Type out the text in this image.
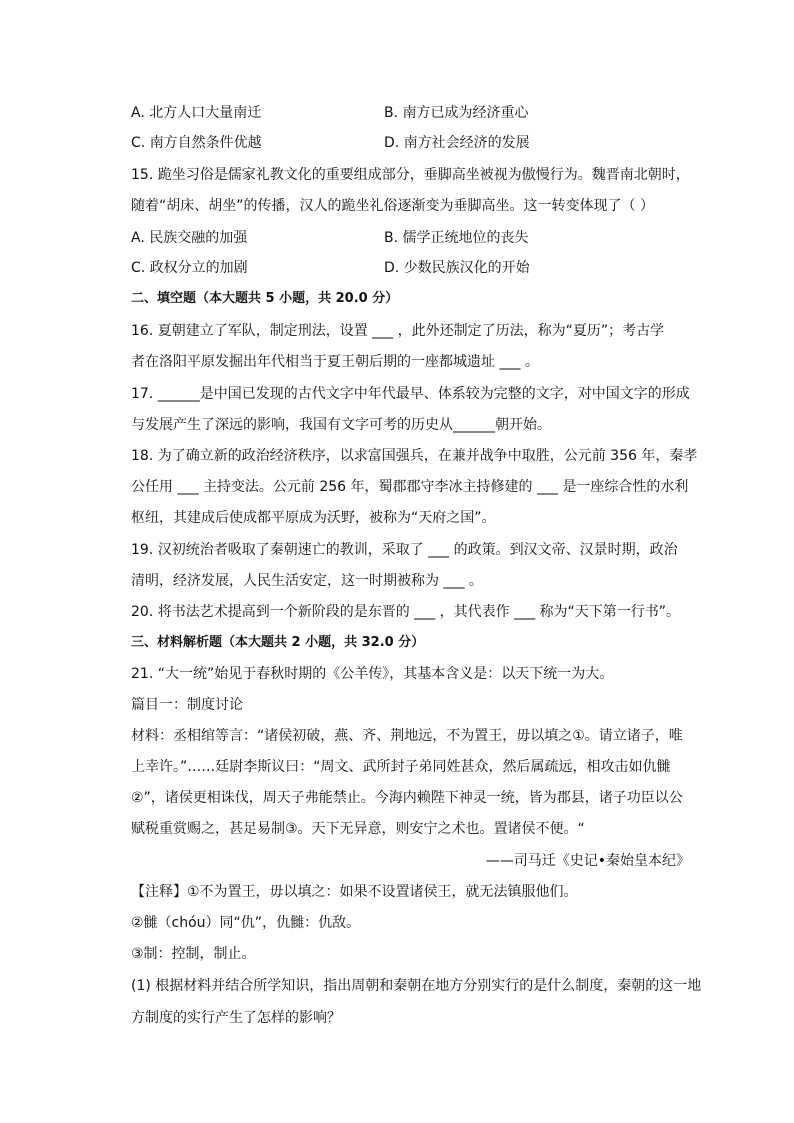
A. 北方人口大量南迁	B. 南方已成为经济重心
C. 南方自然条件优越	D. 南方社会经济的发展
15. 跪坐习俗是儒家礼教文化的重要组成部分，垂脚高坐被视为傲慢行为。魏晋南北朝时，
随着“胡床、胡坐”的传播，汉人的跪坐礼俗逐渐变为垂脚高坐。这一转变体现了（ ）
A. 民族交融的加强	B. 儒学正统地位的丧失
C. 政权分立的加剧	D. 少数民族汉化的开始
二、填空题（本大题共 5 小题，共 20.0 分）
16. 夏朝建立了军队，制定刑法，设置 ___ ，此外还制定了历法，称为“夏历”；考古学
者在洛阳平原发掘出年代相当于夏王朝后期的一座都城遗址 ___ 。
17. ______是中国已发现的古代文字中年代最早、体系较为完整的文字，对中国文字的形成
与发展产生了深远的影响，我国有文字可考的历史从______朝开始。
18. 为了确立新的政治经济秩序，以求富国强兵，在兼并战争中取胜，公元前 356 年，秦孝
公任用 ___ 主持变法。公元前 256 年，蜀郡郡守李冰主持修建的 ___ 是一座综合性的水利
枢纽，其建成后使成都平原成为沃野，被称为“天府之国”。
19. 汉初统治者吸取了秦朝速亡的教训，采取了 ___ 的政策。到汉文帝、汉景时期，政治
清明，经济发展，人民生活安定，这一时期被称为 ___ 。
20. 将书法艺术提高到一个新阶段的是东晋的 ___ ，其代表作 ___ 称为“天下第一行书”。
三、材料解析题（本大题共 2 小题，共 32.0 分）
21. “大一统”始见于春秋时期的《公羊传》，其基本含义是：以天下统一为大。
篇目一：制度讨论
材料：丞相绾等言：“诸侯初破，燕、齐、荆地远，不为置王，毋以填之①。请立诸子，唯
上幸许。”……廷尉李斯议曰：“周文、武所封子弟同姓甚众，然后属疏远，相攻击如仇雠
②”，诸侯更相诛伐，周天子弗能禁止。今海内赖陛下神灵一统，皆为郡县，诸子功臣以公
赋税重赏赐之，甚足易制③。天下无异意，则安宁之术也。置诸侯不便。“
——司马迁《史记•秦始皇本纪》
【注释】①不为置王，毋以填之：如果不设置诸侯王，就无法镇服他们。
②雠（chóu）同“仇”，仇雠：仇敌。
③制：控制，制止。
(1) 根据材料并结合所学知识，指出周朝和秦朝在地方分别实行的是什么制度，秦朝的这一地
方制度的实行产生了怎样的影响？
